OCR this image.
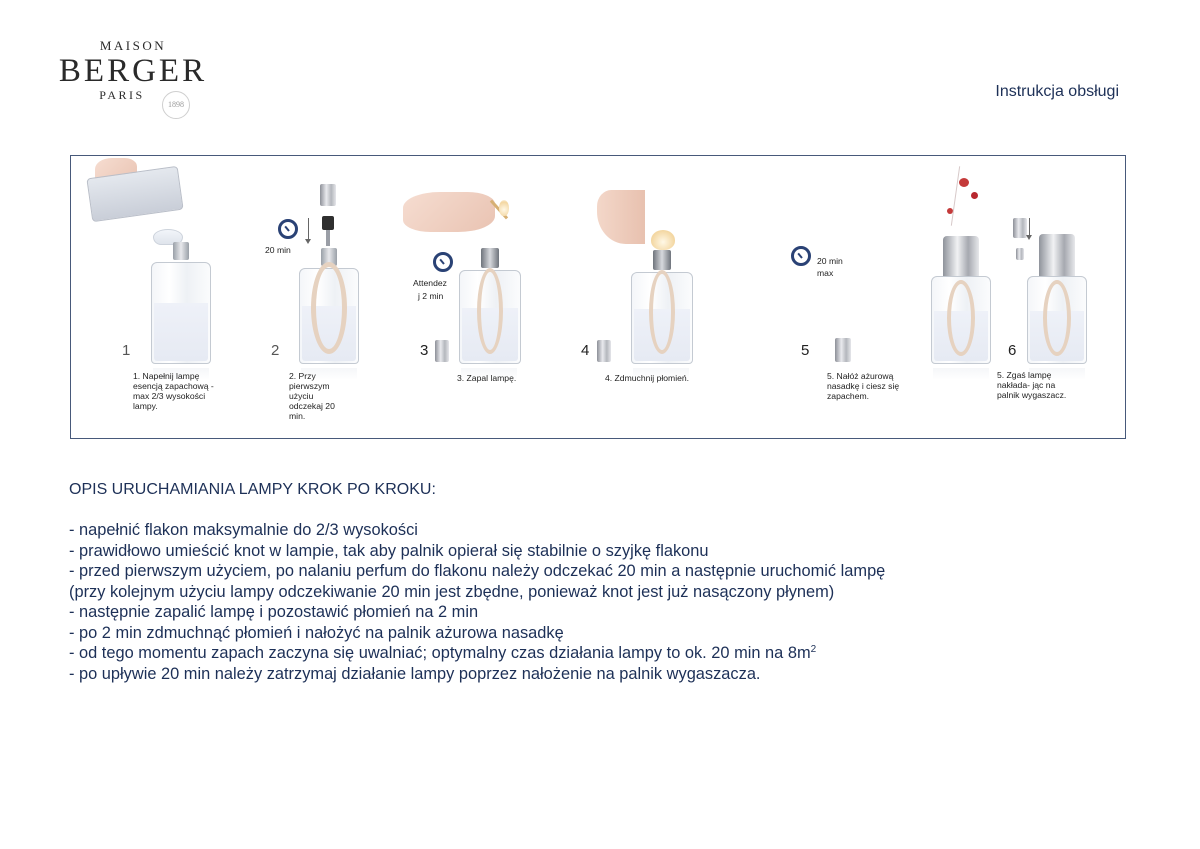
MAISON
BERGER
PARIS
1898
Instrukcja obsługi
1
1. Napełnij lampę esencją zapachową - max 2/3 wysokości lampy.
20 min
2
2. Przy pierwszym użyciu odczekaj 20 min.
Attendez
j 2 min
3
3. Zapal lampę.
4
4. Zdmuchnij płomień.
20 min
max
5
5. Nałóż ażurową nasadkę i ciesz się zapachem.
6
5. Zgaś lampę nakłada- jąc na palnik wygaszacz.
OPIS URUCHAMIANIA LAMPY KROK PO KROKU:
- napełnić flakon maksymalnie do 2/3 wysokości
- prawidłowo umieścić knot w lampie, tak aby palnik opierał się stabilnie o szyjkę flakonu
- przed pierwszym użyciem, po nalaniu perfum do flakonu należy odczekać 20 min a następnie uruchomić lampę
(przy kolejnym użyciu lampy odczekiwanie 20 min jest zbędne, ponieważ knot jest już nasączony płynem)
- następnie zapalić lampę i pozostawić płomień na 2 min
- po 2 min zdmuchnąć płomień i nałożyć na palnik ażurowa nasadkę
- od tego momentu zapach zaczyna się uwalniać; optymalny czas działania lampy to ok. 20 min na $8m^2$
- po upływie 20 min należy zatrzymaj działanie lampy poprzez nałożenie na palnik wygaszacza.
